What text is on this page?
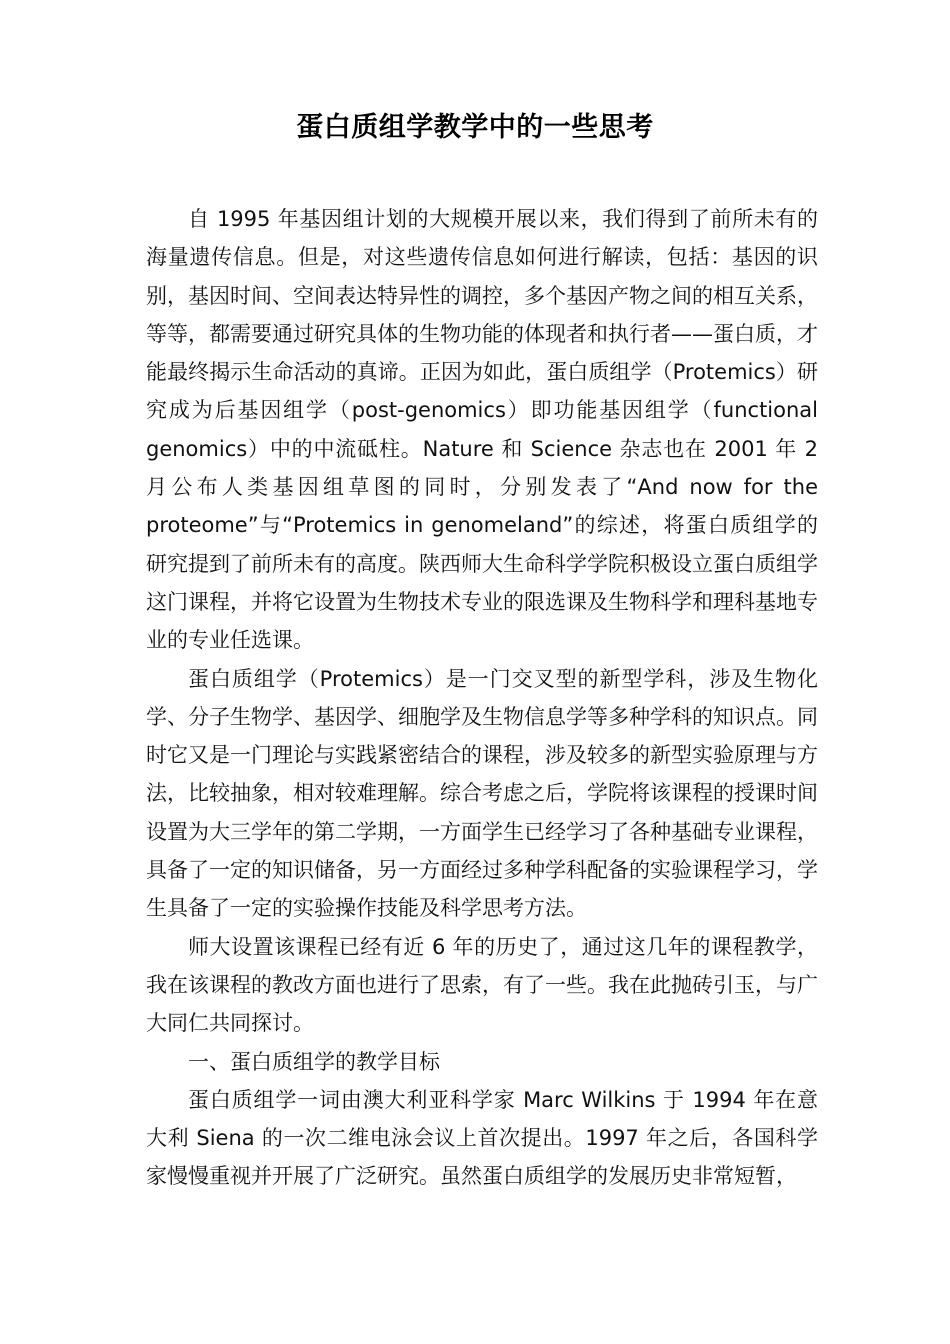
蛋白质组学教学中的一些思考

自 1995 年基因组计划的大规模开展以来，我们得到了前所未有的海量遗传信息。但是，对这些遗传信息如何进行解读，包括：基因的识别，基因时间、空间表达特异性的调控，多个基因产物之间的相互关系，等等，都需要通过研究具体的生物功能的体现者和执行者——蛋白质，才能最终揭示生命活动的真谛。正因为如此，蛋白质组学（Protemics）研究成为后基因组学（post-genomics）即功能基因组学（functional genomics）中的中流砥柱。Nature 和 Science 杂志也在 2001 年 2 月公布人类基因组草图的同时，分别发表了“And now for the proteome”与“Protemics in genomeland”的综述，将蛋白质组学的研究提到了前所未有的高度。陕西师大生命科学学院积极设立蛋白质组学这门课程，并将它设置为生物技术专业的限选课及生物科学和理科基地专业的专业任选课。

蛋白质组学（Protemics）是一门交叉型的新型学科，涉及生物化学、分子生物学、基因学、细胞学及生物信息学等多种学科的知识点。同时它又是一门理论与实践紧密结合的课程，涉及较多的新型实验原理与方法，比较抽象，相对较难理解。综合考虑之后，学院将该课程的授课时间设置为大三学年的第二学期，一方面学生已经学习了各种基础专业课程，具备了一定的知识储备，另一方面经过多种学科配备的实验课程学习，学生具备了一定的实验操作技能及科学思考方法。

师大设置该课程已经有近 6 年的历史了，通过这几年的课程教学，我在该课程的教改方面也进行了思索，有了一些。我在此抛砖引玉，与广大同仁共同探讨。

一、蛋白质组学的教学目标

蛋白质组学一词由澳大利亚科学家 Marc Wilkins 于 1994 年在意大利 Siena 的一次二维电泳会议上首次提出。1997 年之后，各国科学家慢慢重视并开展了广泛研究。虽然蛋白质组学的发展历史非常短暂，
